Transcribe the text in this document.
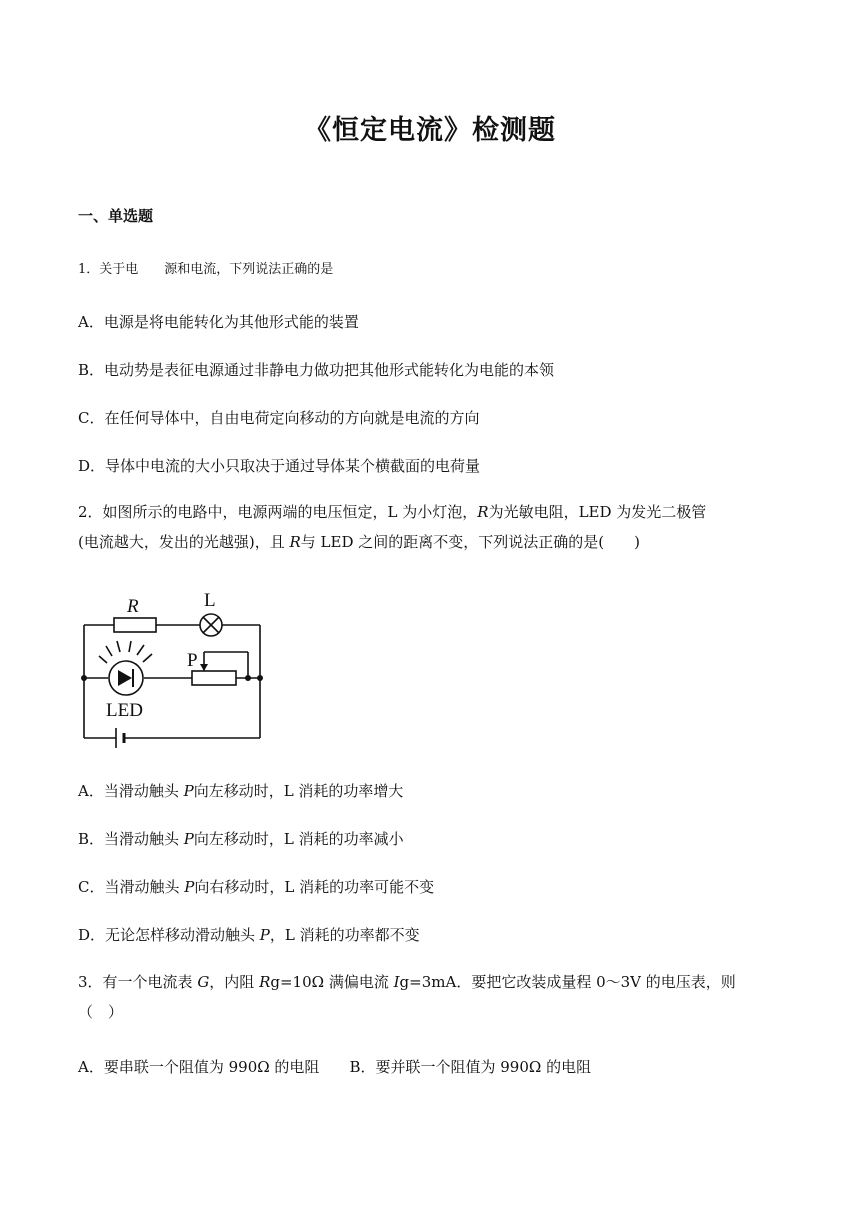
《恒定电流》检测题
一、单选题
1．关于电 源和电流，下列说法正确的是
A．电源是将电能转化为其他形式能的装置
B．电动势是表征电源通过非静电力做功把其他形式能转化为电能的本领
C．在任何导体中，自由电荷定向移动的方向就是电流的方向
D．导体中电流的大小只取决于通过导体某个横截面的电荷量
2．如图所示的电路中，电源两端的电压恒定，L 为小灯泡，R为光敏电阻，LED 为发光二极管
(电流越大，发出的光越强)，且 R与 LED 之间的距离不变，下列说法正确的是(　　)
R	L
P
LED
A．当滑动触头 P向左移动时，L 消耗的功率增大
B．当滑动触头 P向左移动时，L 消耗的功率减小
C．当滑动触头 P向右移动时，L 消耗的功率可能不变
D．无论怎样移动滑动触头 P，L 消耗的功率都不变
3．有一个电流表 G，内阻 Rg=10Ω 满偏电流 Ig=3mA．要把它改装成量程 0～3V 的电压表，则
（　）
A．要串联一个阻值为 990Ω 的电阻 B．要并联一个阻值为 990Ω 的电阻
